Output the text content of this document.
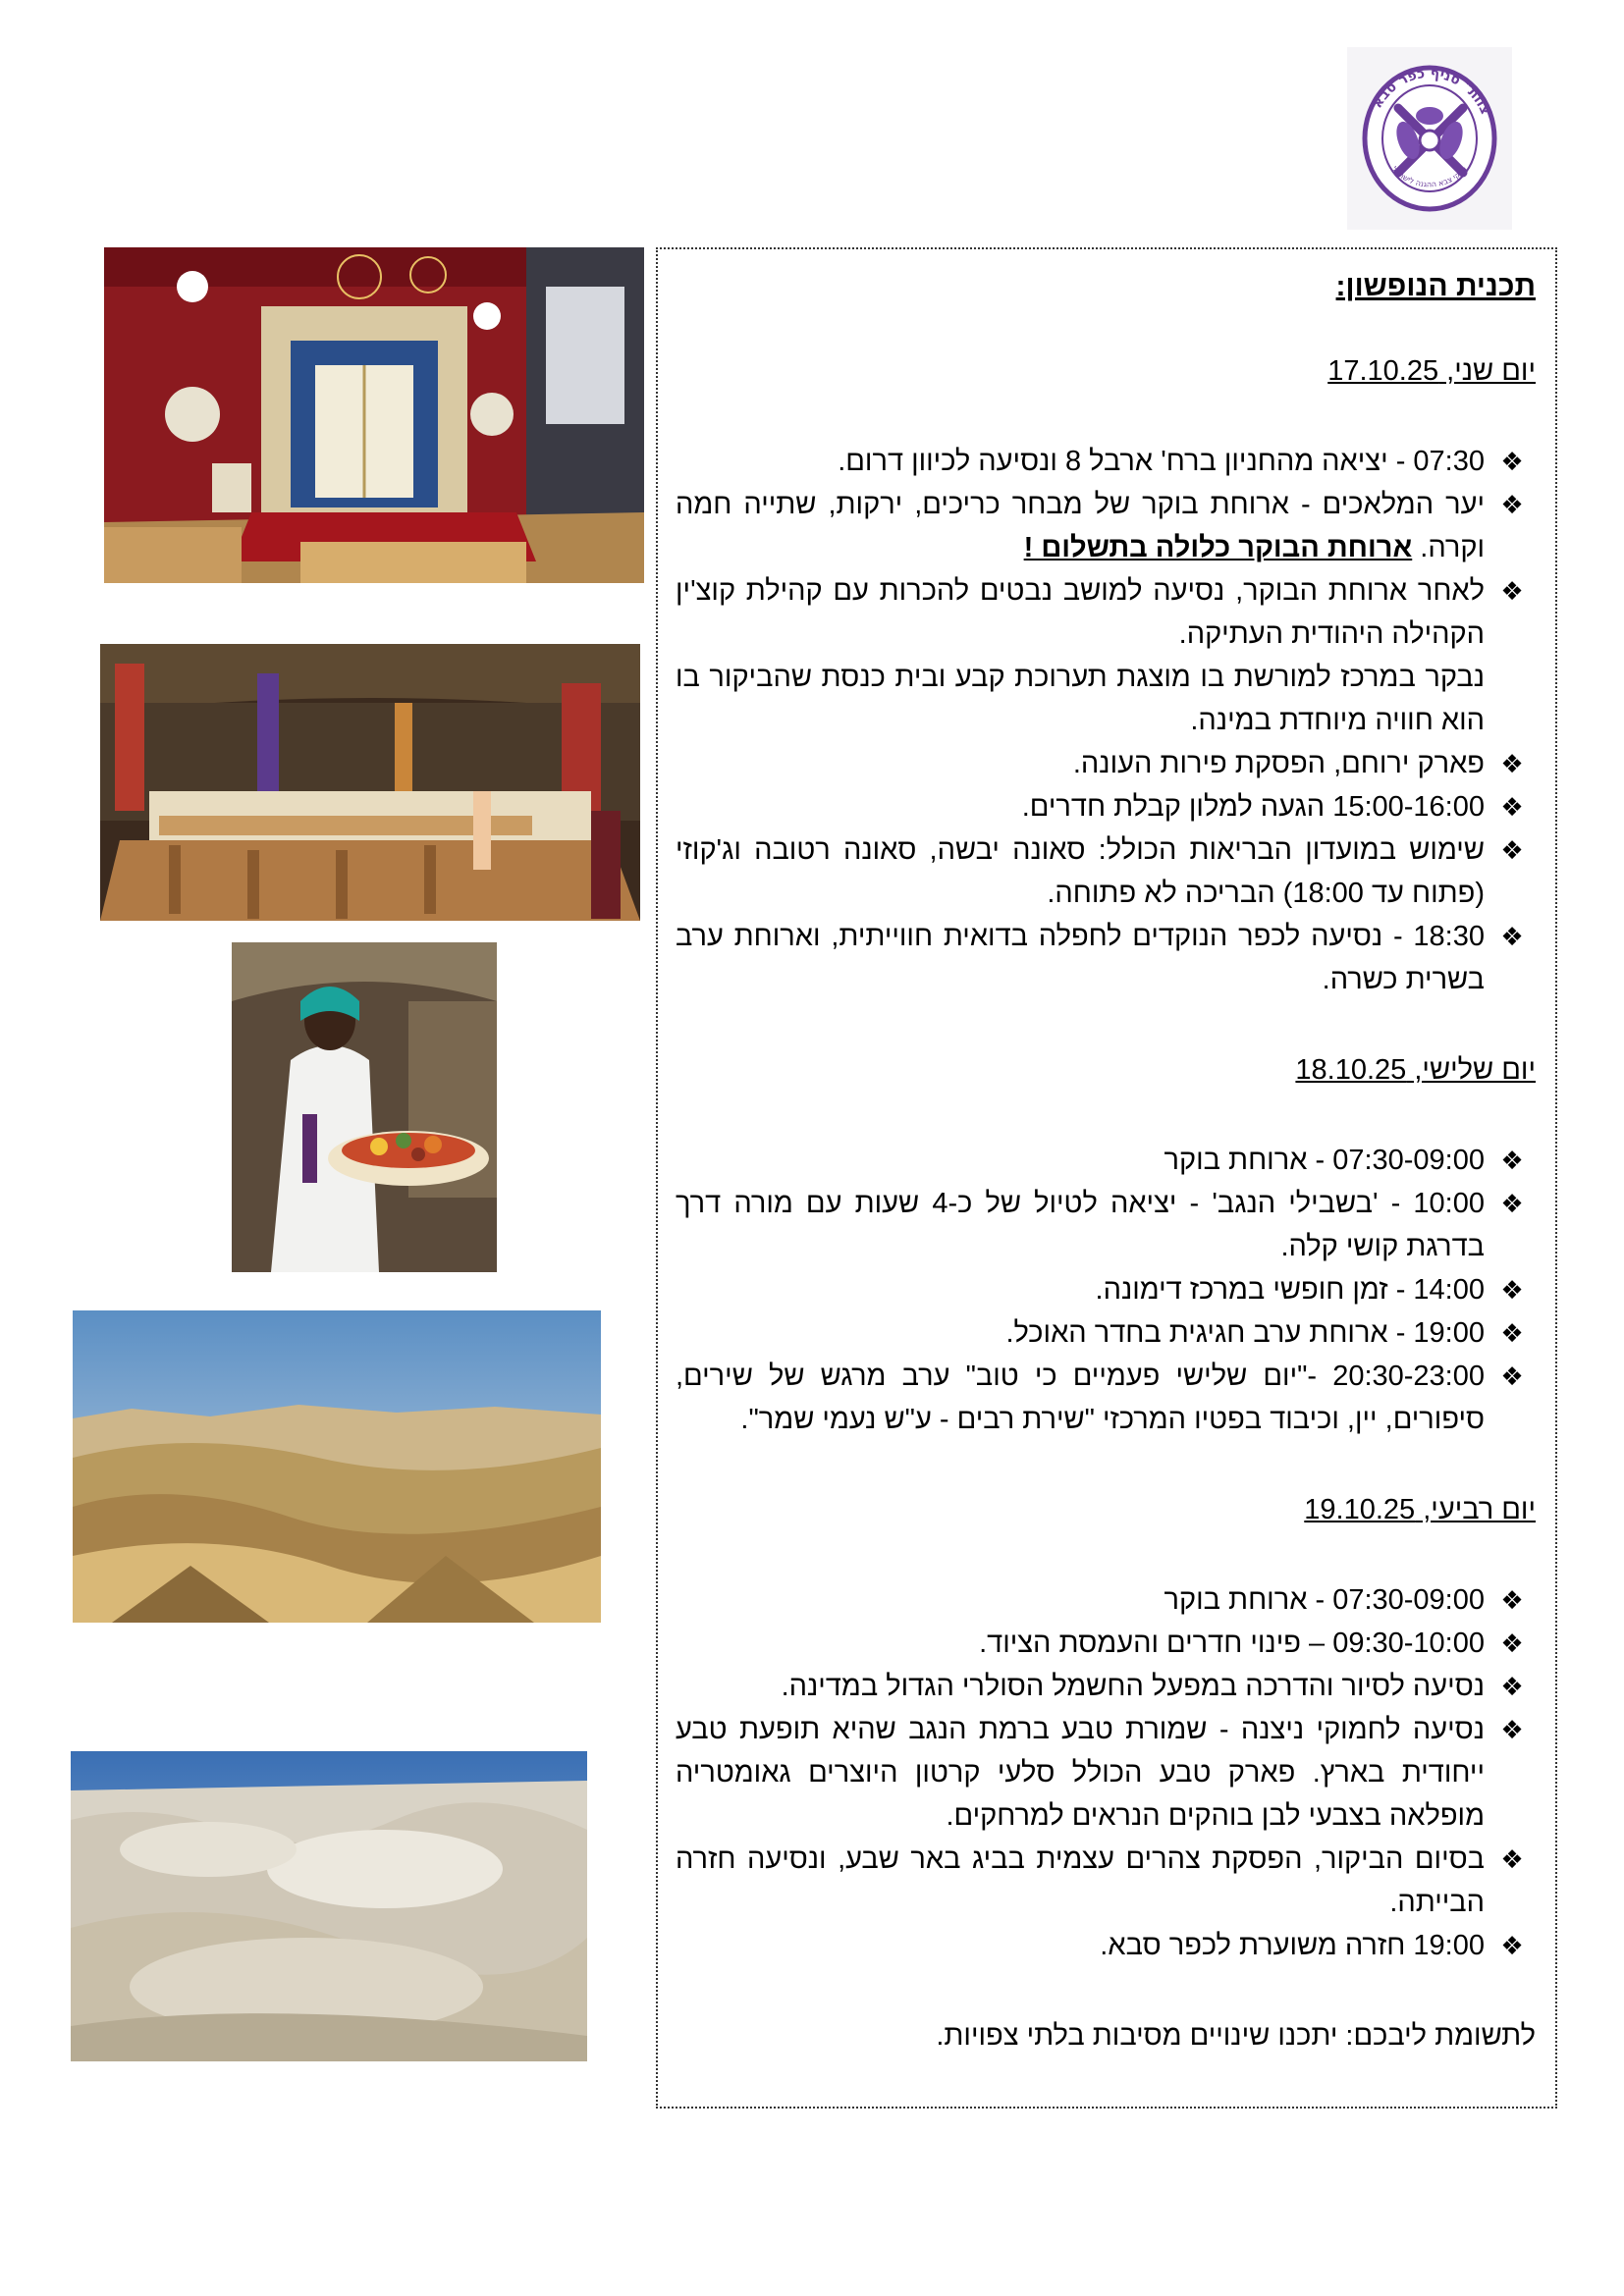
"צוות" סניף כפר סבא
ותיקי צבא ההגנה לישראל
תכנית הנופשון:
יום שני, 17.10.25
❖
07:30 - יציאה מהחניון ברח' ארבל 8 ונסיעה לכיוון דרום.
❖
יער המלאכים - ארוחת בוקר של מבחר כריכים, ירקות, שתייה חמה וקרה. ארוחת הבוקר כלולה בתשלום !
❖
לאחר ארוחת הבוקר, נסיעה למושב נבטים להכרות עם קהילת קוצ'ין הקהילה היהודית העתיקה.
נבקר במרכז למורשת בו מוצגת תערוכת קבע ובית כנסת שהביקור בו הוא חוויה מיוחדת במינה.
❖
פארק ירוחם, הפסקת פירות העונה.
❖
15:00-16:00 הגעה למלון קבלת חדרים.
❖
שימוש במועדון הבריאות הכולל: סאונה יבשה, סאונה רטובה וג'קוזי (פתוח עד 18:00) הבריכה לא פתוחה.
❖
18:30 - נסיעה לכפר הנוקדים לחפלה בדואית חווייתית, וארוחת ערב בשרית כשרה.
יום שלישי, 18.10.25
❖
07:30-09:00 - ארוחת בוקר
❖
10:00 - 'בשבילי הנגב' - יציאה לטיול של כ-4 שעות עם מורה דרך בדרגת קושי קלה.
❖
14:00 - זמן חופשי במרכז דימונה.
❖
19:00 - ארוחת ערב חגיגית בחדר האוכל.
❖
20:30-23:00 -"יום שלישי פעמיים כי טוב" ערב מרגש של שירים, סיפורים, יין, וכיבוד בפטיו המרכזי "שירת רבים - ע"ש נעמי שמר".
יום רביעי, 19.10.25
❖
07:30-09:00 - ארוחת בוקר
❖
09:30-10:00 – פינוי חדרים והעמסת הציוד.
❖
נסיעה לסיור והדרכה במפעל החשמל הסולרי הגדול במדינה.
❖
נסיעה לחמוקי ניצנה - שמורת טבע ברמת הנגב שהיא תופעת טבע ייחודית בארץ. פארק טבע הכולל סלעי קרטון היוצרים גאומטריה מופלאה בצבעי לבן בוהקים הנראים למרחקים.
❖
בסיום הביקור, הפסקת צהרים עצמית בביג באר שבע, ונסיעה חזרה הבייתה.
❖
19:00 חזרה משוערת לכפר סבא.
לתשומת ליבכם: יתכנו שינויים מסיבות בלתי צפויות.
